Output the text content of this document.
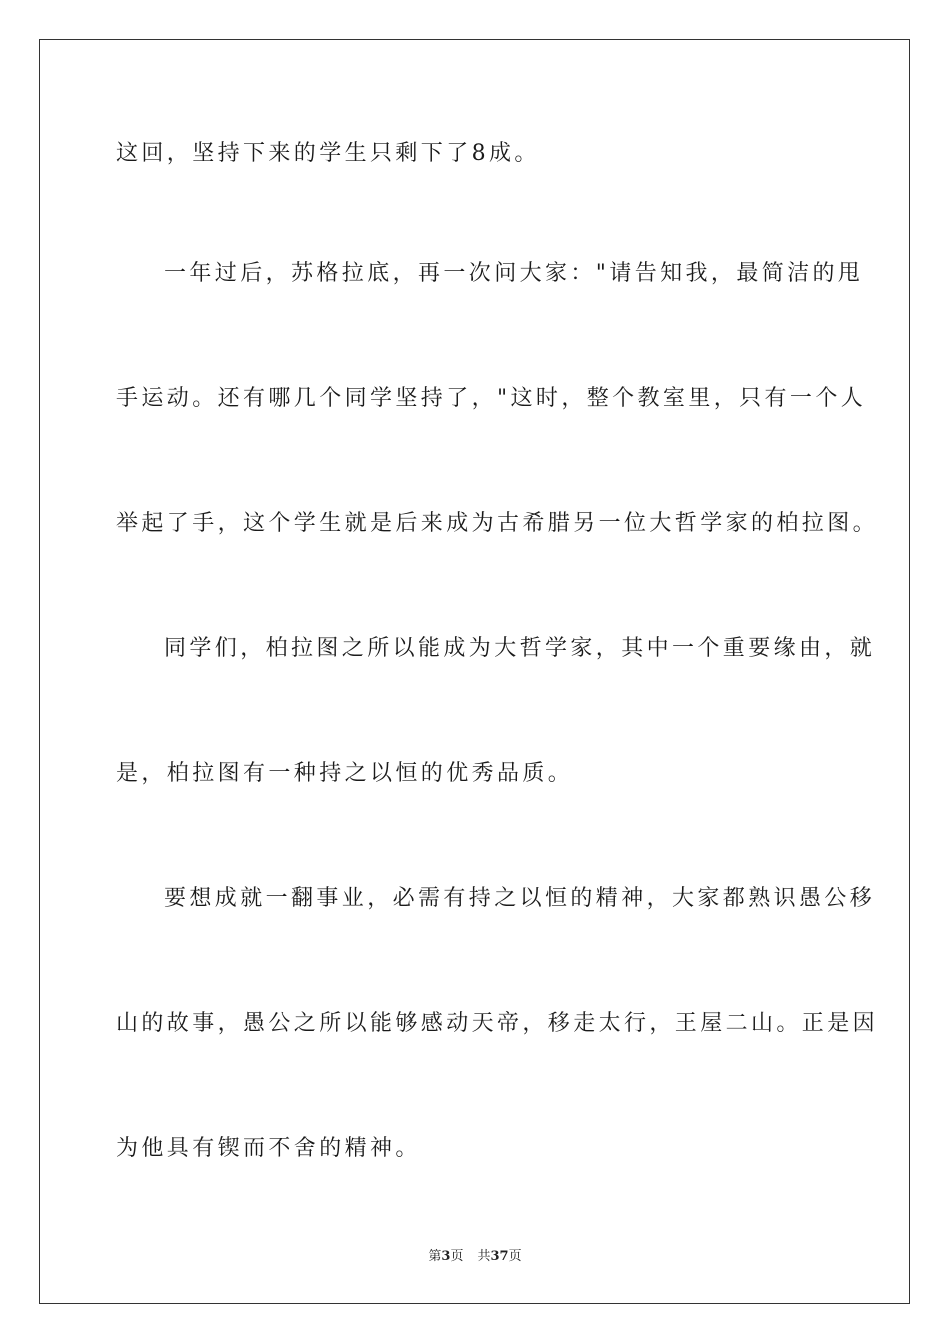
这回，坚持下来的学生只剩下了8成。
一年过后，苏格拉底，再一次问大家："请告知我，最简洁的甩
手运动。还有哪几个同学坚持了，"这时，整个教室里，只有一个人
举起了手，这个学生就是后来成为古希腊另一位大哲学家的柏拉图。
同学们，柏拉图之所以能成为大哲学家，其中一个重要缘由，就
是，柏拉图有一种持之以恒的优秀品质。
要想成就一翻事业，必需有持之以恒的精神，大家都熟识愚公移
山的故事，愚公之所以能够感动天帝，移走太行，王屋二山。正是因
为他具有锲而不舍的精神。
第3页 共37页
